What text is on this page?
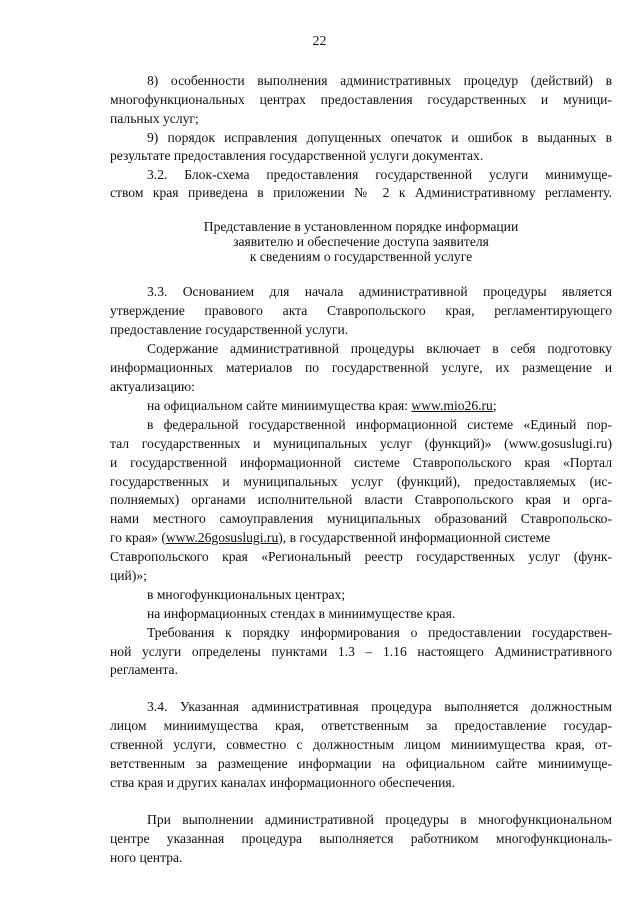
22
8) особенности выполнения административных процедур (действий) в
многофункциональных центрах предоставления государственных и муници-
пальных услуг;
9) порядок исправления допущенных опечаток и ошибок в выданных в
результате предоставления государственной услуги документах.
3.2. Блок-схема предоставления государственной услуги минимуще-
ством края приведена в приложении № 2 к Административному регламенту.
Представление в установленном порядке информации
заявителю и обеспечение доступа заявителя
к сведениям о государственной услуге
3.3. Основанием для начала административной процедуры является
утверждение правового акта Ставропольского края, регламентирующего
предоставление государственной услуги.
Содержание административной процедуры включает в себя подготовку
информационных материалов по государственной услуге, их размещение и
актуализацию:
на официальном сайте миниимущества края: www.mio26.ru;
в федеральной государственной информационной системе «Единый пор-
тал государственных и муниципальных услуг (функций)» (www.gosuslugi.ru)
и государственной информационной системе Ставропольского края «Портал
государственных и муниципальных услуг (функций), предоставляемых (ис-
полняемых) органами исполнительной власти Ставропольского края и орга-
нами местного самоуправления муниципальных образований Ставропольско-
го края» (www.26gosuslugi.ru), в государственной информационной системе
Ставропольского края «Региональный реестр государственных услуг (функ-
ций)»;
в многофункциональных центрах;
на информационных стендах в миниимуществе края.
Требования к порядку информирования о предоставлении государствен-
ной услуги определены пунктами 1.3 – 1.16 настоящего Административного
регламента.
3.4. Указанная административная процедура выполняется должностным
лицом миниимущества края, ответственным за предоставление государ-
ственной услуги, совместно с должностным лицом миниимущества края, от-
ветственным за размещение информации на официальном сайте миниимуще-
ства края и других каналах информационного обеспечения.
При выполнении административной процедуры в многофункциональном
центре указанная процедура выполняется работником многофункциональ-
ного центра.
